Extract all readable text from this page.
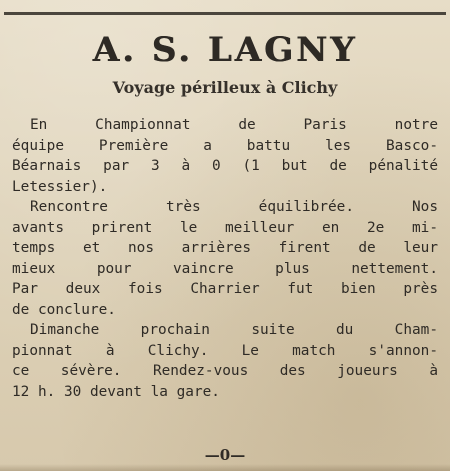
A. S. LAGNY
Voyage périlleux à Clichy
En Championnat de Paris notre
équipe Première a battu les Basco-
Béarnais par 3 à 0 (1 but de pénalité
Letessier).
Rencontre très équilibrée. Nos
avants prirent le meilleur en 2e mi-
temps et nos arrières firent de leur
mieux pour vaincre plus nettement.
Par deux fois Charrier fut bien près
de conclure.
Dimanche prochain suite du Cham-
pionnat à Clichy. Le match s'annon-
ce sévère. Rendez-vous des joueurs à
12 h. 30 devant la gare.
—0—
